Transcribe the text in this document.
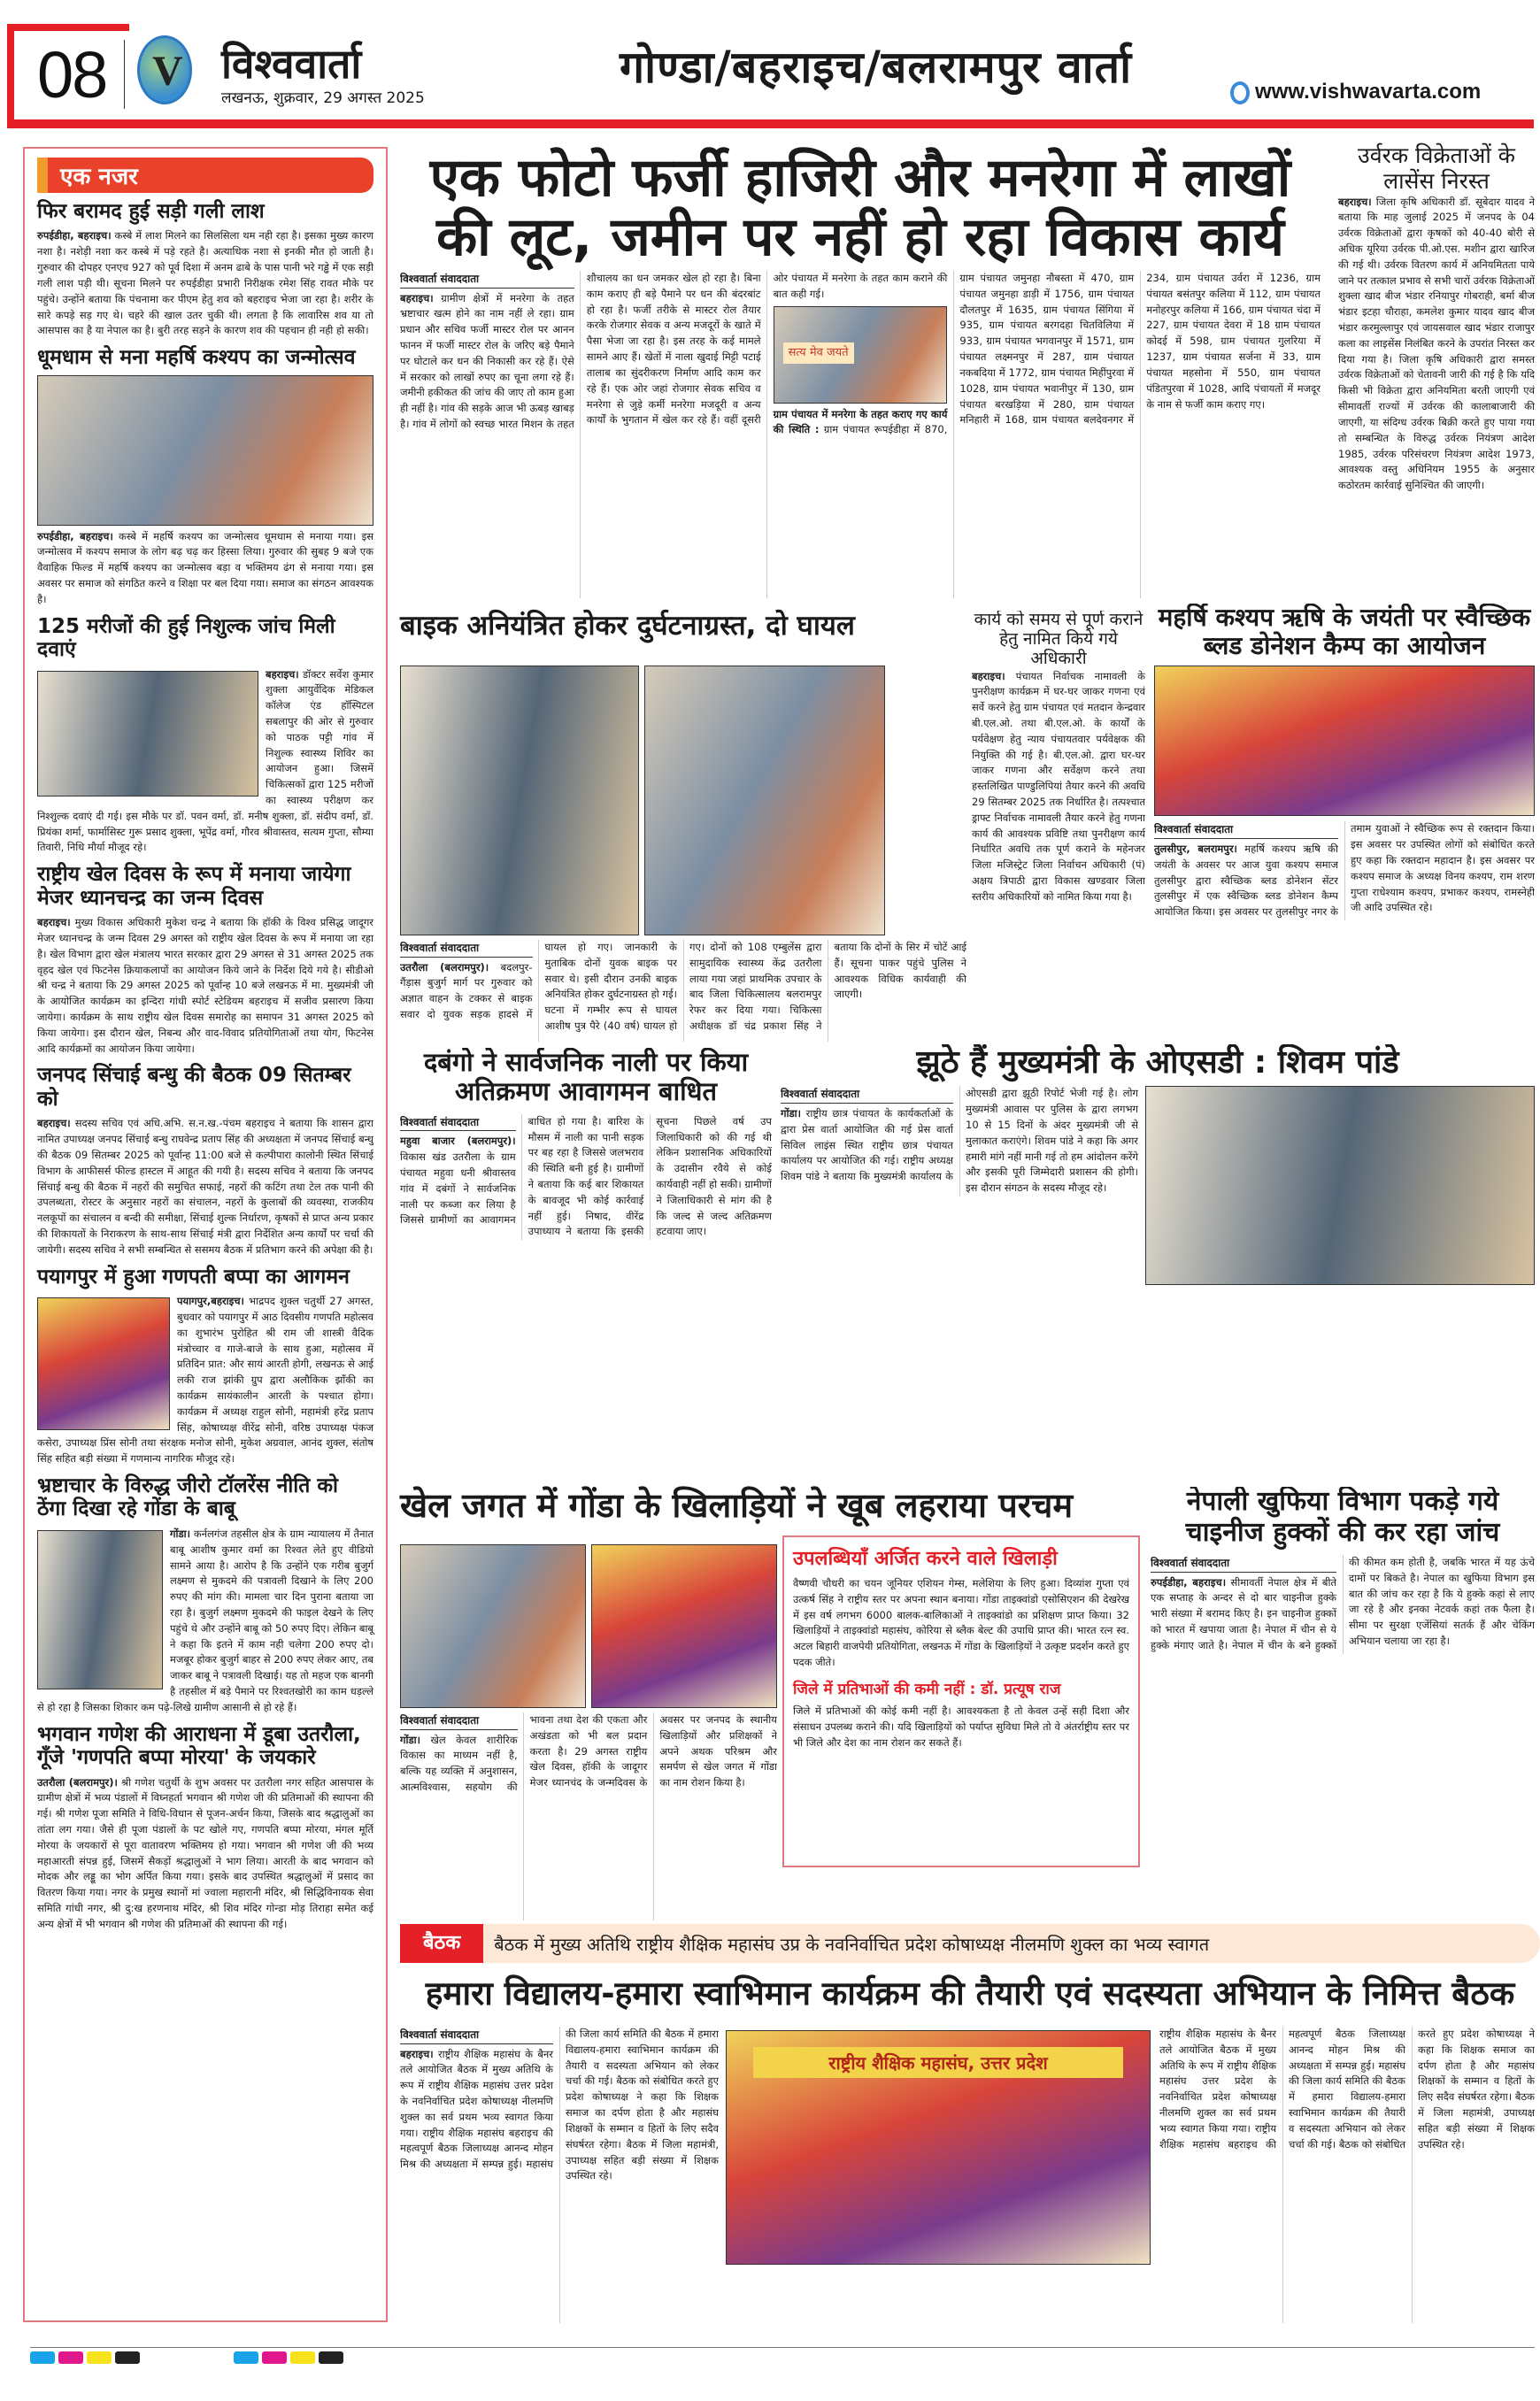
08 V विश्ववार्ता
लखनऊ, शुक्रवार, 29 अगस्त 2025
गोण्डा/बहराइच/बलरामपुर वार्ता	www.vishwavarta.com
एक नजर
फिर बरामद हुई सड़ी गली लाश

रुपईडीहा, बहराइच। कस्बे में लाश मिलने का सिलसिला थम नही रहा है। इसका मुख्य कारण नशा है। नशेड़ी नशा कर कस्बे में पड़े रहते है। अत्याधिक नशा से इनकी मौत हो जाती है। गुरुवार की दोपहर एनएच 927 को पूर्व दिशा में अनम ढाबे के पास पानी भरे गड्ढे में एक सड़ी गली लाश पड़ी थी। सूचना मिलने पर रुपईडीहा प्रभारी निरीक्षक रमेश सिंह रावत मौके पर पहुंचे। उन्होंने बताया कि पंचनामा कर पीएम हेतु शव को बहराइच भेजा जा रहा है। शरीर के सारे कपड़े सड़ गए थे। चहरे की खाल उतर चुकी थी। लगता है कि लावारिस शव या तो आसपास का है या नेपाल का है। बुरी तरह सड़ने के कारण शव की पहचान ही नही हो सकी।

धूमधाम से मना महर्षि कश्यप का जन्मोत्सव

रुपईडीहा, बहराइच। कस्बे में महर्षि कश्यप का जन्मोत्सव धूमधाम से मनाया गया। इस जन्मोत्सव में कश्यप समाज के लोग बढ़ चढ़ कर हिस्सा लिया। गुरुवार की सुबह 9 बजे एक वैवाहिक फिल्ड में महर्षि कश्यप का जन्मोत्सव बड़ा व भक्तिमय ढंग से मनाया गया। इस अवसर पर समाज को संगठित करने व शिक्षा पर बल दिया गया। समाज का संगठन आवश्यक है।

125 मरीजों की हुई निशुल्क जांच मिली दवाएं

बहराइच। डॉक्टर सर्वेश कुमार शुक्ला आयुर्वेदिक मेडिकल कॉलेज एंड हॉस्पिटल सबलापुर की ओर से गुरुवार को पाठक पट्टी गांव में निशुल्क स्वास्थ्य शिविर का आयोजन हुआ। जिसमें चिकित्सकों द्वारा 125 मरीजों का स्वास्थ्य परीक्षण कर निश्शुल्क दवाएं दी गई। इस मौके पर डॉ. पवन वर्मा, डॉ. मनीष शुक्ला, डॉ. संदीप वर्मा, डॉ. प्रियंका शर्मा, फार्मासिस्ट गुरू प्रसाद शुक्ला, भूपेंद्र वर्मा, गौरव श्रीवास्तव, सत्यम गुप्ता, सौम्या तिवारी, निधि मौर्या मौजूद रहे।

राष्ट्रीय खेल दिवस के रूप में मनाया जायेगा मेजर ध्यानचन्द्र का जन्म दिवस

बहराइच। मुख्य विकास अधिकारी मुकेश चन्द्र ने बताया कि हॉकी के विश्व प्रसिद्ध जादूगर मेजर ध्यानचन्द्र के जन्म दिवस 29 अगस्त को राष्ट्रीय खेल दिवस के रूप में मनाया जा रहा है। खेल विभाग द्वारा खेल मंत्रालय भारत सरकार द्वारा 29 अगस्त से 31 अगस्त 2025 तक वृहद खेल एवं फिटनेस क्रियाकलापों का आयोजन किये जाने के निर्देश दिये गये है। सीडीओ श्री चन्द्र ने बताया कि 29 अगस्त 2025 को पूर्वान्ह 10 बजे लखनऊ में मा. मुख्यमंत्री जी के आयोजित कार्यक्रम का इन्दिरा गांधी स्पोर्ट स्टेडियम बहराइच में सजीव प्रसारण किया जायेगा। कार्यक्रम के साथ राष्ट्रीय खेल दिवस समारोह का समापन 31 अगस्त 2025 को किया जायेगा। इस दौरान खेल, निबन्ध और वाद-विवाद प्रतियोगिताओं तथा योग, फिटनेस आदि कार्यक्रमों का आयोजन किया जायेगा।

जनपद सिंचाई बन्धु की बैठक 09 सितम्बर को

बहराइच। सदस्य सचिव एवं अधि.अभि. स.न.ख.-पंचम बहराइच ने बताया कि शासन द्वारा नामित उपाध्यक्ष जनपद सिंचाई बन्धु राघवेन्द्र प्रताप सिंह की अध्यक्षता में जनपद सिंचाई बन्धु की बैठक 09 सितम्बर 2025 को पूर्वान्ह 11:00 बजे से कल्पीपारा कालोनी स्थित सिंचाई विभाग के आफीसर्स फील्ड हास्टल में आहूत की गयी है। सदस्य सचिव ने बताया कि जनपद सिंचाई बन्धु की बैठक में नहरों की समुचित सफाई, नहरों की कटिंग तथा टेल तक पानी की उपलब्धता, रोस्टर के अनुसार नहरों का संचालन, नहरों के कुलाबों की व्यवस्था, राजकीय नलकूपों का संचालन व बन्दी की समीक्षा, सिंचाई शुल्क निर्धारण, कृषकों से प्राप्त अन्य प्रकार की शिकायतों के निराकरण के साथ-साथ सिंचाई मंत्री द्वारा निर्देशित अन्य कार्यों पर चर्चा की जायेगी। सदस्य सचिव ने सभी सम्बन्धित से ससमय बैठक में प्रतिभाग करने की अपेक्षा की है।

पयागपुर में हुआ गणपती बप्पा का आगमन

पयागपुर,बहराइच। भाद्रपद शुक्ल चतुर्थी 27 अगस्त, बुधवार को पयागपुर में आठ दिवसीय गणपति महोत्सव का शुभारंभ पुरोहित श्री राम जी शास्त्री वैदिक मंत्रोच्चार व गाजे-बाजे के साथ हुआ, महोत्सव में प्रतिदिन प्रात: और सायं आरती होगी, लखनऊ से आई लकी राज झांकी ग्रुप द्वारा अलौकिक झाँकी का कार्यक्रम सायंकालीन आरती के पश्चात होगा। कार्यक्रम में अध्यक्ष राहुल सोनी, महामंत्री हरेंद्र प्रताप सिंह, कोषाध्यक्ष वीरेंद्र सोनी, वरिष्ठ उपाध्यक्ष पंकज कसेरा, उपाध्यक्ष प्रिंस सोनी तथा संरक्षक मनोज सोनी, मुकेश अग्रवाल, आनंद शुक्ल, संतोष सिंह सहित बड़ी संख्या में गणमान्य नागरिक मौजूद रहे।

भ्रष्टाचार के विरुद्ध जीरो टॉलरेंस नीति को ठेंगा दिखा रहे गोंडा के बाबू

गोंडा। कर्नलगंज तहसील क्षेत्र के ग्राम न्यायालय में तैनात बाबू आशीष कुमार वर्मा का रिश्वत लेते हुए वीडियो सामने आया है। आरोप है कि उन्होंने एक गरीब बुजुर्ग लक्ष्मण से मुकदमे की पत्रावली दिखाने के लिए 200 रुपए की मांग की। मामला चार दिन पुराना बताया जा रहा है। बुजुर्ग लक्ष्मण मुकदमे की फाइल देखने के लिए पहुंचे थे और उन्होंने बाबू को 50 रुपए दिए। लेकिन बाबू ने कहा कि इतने में काम नही चलेगा 200 रुपए दो। मजबूर होकर बुजुर्ग बाहर से 200 रुपए लेकर आए, तब जाकर बाबू ने पत्रावली दिखाई। यह तो महज एक बानगी है तहसील में बड़े पैमाने पर रिश्वतखोरी का काम धड़ल्ले से हो रहा है जिसका शिकार कम पढ़े-लिखे ग्रामीण आसानी से हो रहे हैं।

भगवान गणेश की आराधना में डूबा उतरौला, गूँजे 'गणपति बप्पा मोरया' के जयकारे

उतरौला (बलरामपुर)। श्री गणेश चतुर्थी के शुभ अवसर पर उतरौला नगर सहित आसपास के ग्रामीण क्षेत्रों में भव्य पंडालों में विघ्नहर्ता भगवान श्री गणेश जी की प्रतिमाओं की स्थापना की गई। श्री गणेश पूजा समिति ने विधि-विधान से पूजन-अर्चन किया, जिसके बाद श्रद्धालुओं का तांता लग गया। जैसे ही पूजा पंडालों के पट खोले गए, गणपति बप्पा मोरया, मंगल मूर्ति मोरया के जयकारों से पूरा वातावरण भक्तिमय हो गया। भगवान श्री गणेश जी की भव्य महाआरती संपन्न हुई, जिसमें सैकड़ों श्रद्धालुओं ने भाग लिया। आरती के बाद भगवान को मोदक और लड्डू का भोग अर्पित किया गया। इसके बाद उपस्थित श्रद्धालुओं में प्रसाद का वितरण किया गया। नगर के प्रमुख स्थानों मां ज्वाला महारानी मंदिर, श्री सिद्धिविनायक सेवा समिति गांधी नगर, श्री दु:ख हरणनाथ मंदिर, श्री शिव मंदिर गोन्डा मोड़ तिराहा समेत कई अन्य क्षेत्रों में भी भगवान श्री गणेश की प्रतिमाओं की स्थापना की गई।

एक फोटो फर्जी हाजिरी और मनरेगा में लाखों की लूट, जमीन पर नहीं हो रहा विकास कार्य
विश्ववार्ता संवाददाता
बहराइच। ग्रामीण क्षेत्रों में मनरेगा के तहत भ्रष्टाचार खत्म होने का नाम नहीं ले रहा। ग्राम प्रधान और सचिव फर्जी मास्टर रोल पर आनन फानन में फर्जी मास्टर रोल के जरिए बड़े पैमाने पर घोटाले कर धन की निकासी कर रहे हैं। ऐसे में सरकार को लाखों रुपए का चूना लगा रहे हैं। जमीनी हकीकत की जांच की जाए तो काम हुआ ही नहीं है। गांव की सड़के आज भी ऊबड़ खाबड़ है। गांव में लोगों को स्वच्छ भारत मिशन के तहत शौचालय का धन जमकर खेल हो रहा है। बिना काम कराए ही बड़े पैमाने पर धन की बंदरबांट हो रहा है। फर्जी तरीके से मास्टर रोल तैयार करके रोजगार सेवक व अन्य मजदूरों के खाते में पैसा भेजा जा रहा है। इस तरह के कई मामले सामने आए हैं। खेतों में नाला खुदाई मिट्टी पटाई तालाब का सुंदरीकरण निर्माण आदि काम कर रहे हैं। एक ओर जहां रोजगार सेवक सचिव व मनरेगा से जुड़े कर्मी मनरेगा मजदूरी व अन्य कार्यों के भुगतान में खेल कर रहे हैं। वहीं दूसरी ओर पंचायत में मनरेगा के तहत काम कराने की बात कही गई।
सत्य मेव जयते
ग्राम पंचायत में मनरेगा के तहत कराए गए कार्य की स्थिति : ग्राम पंचायत रूपईडीहा में 870, ग्राम पंचायत जमुनहा नौबस्ता में 470, ग्राम पंचायत जमुनहा डाड़ी में 1756, ग्राम पंचायत दौलतपुर में 1635, ग्राम पंचायत सिंगिया में 935, ग्राम पंचायत बरगदहा चितविलिया में 933, ग्राम पंचायत भगवानपुर में 1571, ग्राम पंचायत लक्ष्मनपुर में 287, ग्राम पंचायत नकबदिया में 1772, ग्राम पंचायत मिहींपुरवा में 1028, ग्राम पंचायत भवानीपुर में 130, ग्राम पंचायत बरखड़िया में 280, ग्राम पंचायत मनिहारी में 168, ग्राम पंचायत बलदेवनगर में 234, ग्राम पंचायत उर्वरा में 1236, ग्राम पंचायत बसंतपुर कलिया में 112, ग्राम पंचायत मनोहरपुर कलिया में 166, ग्राम पंचायत चंदा में 227, ग्राम पंचायत देवरा में 18 ग्राम पंचायत कोदई में 598, ग्राम पंचायत गुलरिया में 1237, ग्राम पंचायत सर्जना में 33, ग्राम पंचायत महसोना में 550, ग्राम पंचायत पंडितपुरवा में 1028, आदि पंचायतों में मजदूर के नाम से फर्जी काम कराए गए।
उर्वरक विक्रेताओं के लासेंस निरस्त

बहराइच। जिला कृषि अधिकारी डॉ. सूबेदार यादव ने बताया कि माह जुलाई 2025 में जनपद के 04 उर्वरक विक्रेताओं द्वारा कृषकों को 40-40 बोरी से अधिक यूरिया उर्वरक पी.ओ.एस. मशीन द्वारा खारिज की गई थी। उर्वरक वितरण कार्य में अनियमितता पाये जाने पर तत्काल प्रभाव से सभी चारों उर्वरक विक्रेताओं शुक्ला खाद बीज भंडार रनियापुर गोबराही, बर्मा बीज भंडार इटहा चौराहा, कमलेश कुमार यादव खाद बीज भंडार करमुल्लापुर एवं जायसवाल खाद भंडार राजापुर कला का लाइसेंस निलंबित करने के उपरांत निरस्त कर दिया गया है। जिला कृषि अधिकारी द्वारा समस्त उर्वरक विक्रेताओं को चेतावनी जारी की गई है कि यदि किसी भी विक्रेता द्वारा अनियमिता बरती जाएगी एवं सीमावर्ती राज्यों में उर्वरक की कालाबाजारी की जाएगी, या संदिग्ध उर्वरक बिक्री करते हुए पाया गया तो सम्बन्धित के विरुद्ध उर्वरक नियंत्रण आदेश 1985, उर्वरक परिसंचरण नियंत्रण आदेश 1973, आवश्यक वस्तु अधिनियम 1955 के अनुसार कठोरतम कार्रवाई सुनिश्चित की जाएगी।

बाइक अनियंत्रित होकर दुर्घटनाग्रस्त, दो घायल
विश्ववार्ता संवाददाता
उतरौला (बलरामपुर)। बदलपुर-गैंड़ास बुजुर्ग मार्ग पर गुरुवार को अज्ञात वाहन के टक्कर से बाइक सवार दो युवक सड़क हादसे में घायल हो गए। जानकारी के मुताबिक दोनों युवक बाइक पर सवार थे। इसी दौरान उनकी बाइक अनियंत्रित होकर दुर्घटनाग्रस्त हो गई। घटना में गम्भीर रूप से घायल आशीष पुत्र पैरे (40 वर्ष) घायल हो गए। दोनों को 108 एम्बुलेंस द्वारा सामुदायिक स्वास्थ्य केंद्र उतरौला लाया गया जहां प्राथमिक उपचार के बाद जिला चिकित्सालय बलरामपुर रेफर कर दिया गया। चिकित्सा अधीक्षक डॉ चंद्र प्रकाश सिंह ने बताया कि दोनों के सिर में चोटें आई हैं। सूचना पाकर पहुंचे पुलिस ने आवश्यक विधिक कार्यवाही की जाएगी।
कार्य को समय से पूर्ण कराने हेतु नामित किये गये अधिकारी

बहराइच। पंचायत निर्वाचक नामावली के पुनरीक्षण कार्यक्रम में घर-घर जाकर गणना एवं सर्वे करने हेतु ग्राम पंचायत एवं मतदान केन्द्रवार बी.एल.ओ. तथा बी.एल.ओ. के कार्यों के पर्यवेक्षण हेतु न्याय पंचायतवार पर्यवेक्षक की नियुक्ति की गई है। बी.एल.ओ. द्वारा घर-घर जाकर गणना और सर्वेक्षण करने तथा हस्तलिखित पाण्डुलिपियां तैयार करने की अवधि 29 सितम्बर 2025 तक निर्धारित है। तत्पश्चात ड्राफ्ट निर्वाचक नामावली तैयार करने हेतु गणना कार्य की आवश्यक प्रविष्टि तथा पुनरीक्षण कार्य निर्धारित अवधि तक पूर्ण कराने के महेनजर जिला मजिस्ट्रेट जिला निर्वाचन अधिकारी (पं) अक्षय त्रिपाठी द्वारा विकास खण्डवार जिला स्तरीय अधिकारियों को नामित किया गया है।

महर्षि कश्यप ऋषि के जयंती पर स्वैच्छिक ब्लड डोनेशन कैम्प का आयोजन
विश्ववार्ता संवाददाता
तुलसीपुर, बलरामपुर। महर्षि कश्यप ऋषि की जयंती के अवसर पर आज युवा कश्यप समाज तुलसीपुर द्वारा स्वैच्छिक ब्लड डोनेशन सेंटर तुलसीपुर में एक स्वैच्छिक ब्लड डोनेशन कैम्प आयोजित किया। इस अवसर पर तुलसीपुर नगर के तमाम युवाओं ने स्वैच्छिक रूप से रक्तदान किया। इस अवसर पर उपस्थित लोगों को संबोधित करते हुए कहा कि रक्तदान महादान है। इस अवसर पर कश्यप समाज के अध्यक्ष विनय कश्यप, राम शरण गुप्ता राधेश्याम कश्यप, प्रभाकर कश्यप, रामस्नेही जी आदि उपस्थित रहे।
दबंगो ने सार्वजनिक नाली पर किया अतिक्रमण आवागमन बाधित
विश्ववार्ता संवाददाता
महुवा बाजार (बलरामपुर)। विकास खंड उतरौला के ग्राम पंचायत महुवा धनी श्रीवास्तव गांव में दबंगों ने सार्वजनिक नाली पर कब्जा कर लिया है जिससे ग्रामीणों का आवागमन बाधित हो गया है। बारिश के मौसम में नाली का पानी सड़क पर बह रहा है जिससे जलभराव की स्थिति बनी हुई है। ग्रामीणों ने बताया कि कई बार शिकायत के बावजूद भी कोई कार्रवाई नहीं हुई। निषाद, वीरेंद्र उपाध्याय ने बताया कि इसकी सूचना पिछले वर्ष उप जिलाधिकारी को की गई थी लेकिन प्रशासनिक अधिकारियों के उदासीन रवैये से कोई कार्यवाही नहीं हो सकी। ग्रामीणों ने जिलाधिकारी से मांग की है कि जल्द से जल्द अतिक्रमण हटवाया जाए।
झूठे हैं मुख्यमंत्री के ओएसडी : शिवम पांडे
विश्ववार्ता संवाददाता
गोंडा। राष्ट्रीय छात्र पंचायत के कार्यकर्ताओं के द्वारा प्रेस वार्ता आयोजित की गई प्रेस वार्ता सिविल लाइंस स्थित राष्ट्रीय छात्र पंचायत कार्यालय पर आयोजित की गई। राष्ट्रीय अध्यक्ष शिवम पांडे ने बताया कि मुख्यमंत्री कार्यालय के ओएसडी द्वारा झूठी रिपोर्ट भेजी गई है। लोग मुख्यमंत्री आवास पर पुलिस के द्वारा लगभग 10 से 15 दिनों के अंदर मुख्यमंत्री जी से मुलाकात कराएंगे। शिवम पांडे ने कहा कि अगर हमारी मांगे नहीं मानी गई तो हम आंदोलन करेंगे और इसकी पूरी जिम्मेदारी प्रशासन की होगी। इस दौरान संगठन के सदस्य मौजूद रहे।
खेल जगत में गोंडा के खिलाड़ियों ने खूब लहराया परचम
विश्ववार्ता संवाददाता
गोंडा। खेल केवल शारीरिक विकास का माध्यम नहीं है, बल्कि यह व्यक्ति में अनुशासन, आत्मविश्वास, सहयोग की भावना तथा देश की एकता और अखंडता को भी बल प्रदान करता है। 29 अगस्त राष्ट्रीय खेल दिवस, हॉकी के जादूगर मेजर ध्यानचंद के जन्मदिवस के अवसर पर जनपद के स्थानीय खिलाड़ियों और प्रशिक्षकों ने अपने अथक परिश्रम और समर्पण से खेल जगत में गोंडा का नाम रोशन किया है।
उपलब्धियाँ अर्जित करने वाले खिलाड़ी

वैष्णवी चौधरी का चयन जूनियर एशियन गेम्स, मलेशिया के लिए हुआ। दिव्यांश गुप्ता एवं उत्कर्ष सिंह ने राष्ट्रीय स्तर पर अपना स्थान बनाया। गोंडा ताइक्वांडो एसोसिएशन की देखरेख में इस वर्ष लगभग 6000 बालक-बालिकाओं ने ताइक्वांडो का प्रशिक्षण प्राप्त किया। 32 खिलाड़ियों ने ताइक्वांडो महासंघ, कोरिया से ब्लैक बेल्ट की उपाधि प्राप्त की। भारत रत्न स्व. अटल बिहारी वाजपेयी प्रतियोगिता, लखनऊ में गोंडा के खिलाड़ियों ने उत्कृष्ट प्रदर्शन करते हुए पदक जीते।

जिले में प्रतिभाओं की कमी नहीं : डॉ. प्रत्यूष राज

जिले में प्रतिभाओं की कोई कमी नहीं है। आवश्यकता है तो केवल उन्हें सही दिशा और संसाधन उपलब्ध कराने की। यदि खिलाड़ियों को पर्याप्त सुविधा मिले तो वे अंतर्राष्ट्रीय स्तर पर भी जिले और देश का नाम रोशन कर सकते हैं।

नेपाली खुफिया विभाग पकड़े गये चाइनीज हुक्कों की कर रहा जांच
विश्ववार्ता संवाददाता
रुपईडीहा, बहराइच। सीमावर्ती नेपाल क्षेत्र में बीते एक सप्ताह के अन्दर से दो बार चाइनीज हुक्के भारी संख्या में बरामद किए है। इन चाइनीज हुक्कों को भारत में खपाया जाता है। नेपाल में चीन से ये हुक्के मंगाए जाते है। नेपाल में चीन के बने हुक्कों की कीमत कम होती है, जबकि भारत में यह ऊंचे दामों पर बिकते है। नेपाल का खुफिया विभाग इस बात की जांच कर रहा है कि ये हुक्के कहां से लाए जा रहे है और इनका नेटवर्क कहां तक फैला है। सीमा पर सुरक्षा एजेंसियां सतर्क हैं और चेकिंग अभियान चलाया जा रहा है।
बैठक	बैठक में मुख्य अतिथि राष्ट्रीय शैक्षिक महासंघ उप्र के नवनिर्वाचित प्रदेश कोषाध्यक्ष नीलमणि शुक्ल का भव्य स्वागत
हमारा विद्यालय-हमारा स्वाभिमान कार्यक्रम की तैयारी एवं सदस्यता अभियान के निमित्त बैठक
विश्ववार्ता संवाददाता
बहराइच। राष्ट्रीय शैक्षिक महासंघ के बैनर तले आयोजित बैठक में मुख्य अतिथि के रूप में राष्ट्रीय शैक्षिक महासंघ उत्तर प्रदेश के नवनिर्वाचित प्रदेश कोषाध्यक्ष नीलमणि शुक्ल का सर्व प्रथम भव्य स्वागत किया गया। राष्ट्रीय शैक्षिक महासंघ बहराइच की महत्वपूर्ण बैठक जिलाध्यक्ष आनन्द मोहन मिश्र की अध्यक्षता में सम्पन्न हुई। महासंघ की जिला कार्य समिति की बैठक में हमारा विद्यालय-हमारा स्वाभिमान कार्यक्रम की तैयारी व सदस्यता अभियान को लेकर चर्चा की गई। बैठक को संबोधित करते हुए प्रदेश कोषाध्यक्ष ने कहा कि शिक्षक समाज का दर्पण होता है और महासंघ शिक्षकों के सम्मान व हितों के लिए सदैव संघर्षरत रहेगा। बैठक में जिला महामंत्री, उपाध्यक्ष सहित बड़ी संख्या में शिक्षक उपस्थित रहे।
राष्ट्रीय शैक्षिक महासंघ, उत्तर प्रदेश
राष्ट्रीय शैक्षिक महासंघ के बैनर तले आयोजित बैठक में मुख्य अतिथि के रूप में राष्ट्रीय शैक्षिक महासंघ उत्तर प्रदेश के नवनिर्वाचित प्रदेश कोषाध्यक्ष नीलमणि शुक्ल का सर्व प्रथम भव्य स्वागत किया गया। राष्ट्रीय शैक्षिक महासंघ बहराइच की महत्वपूर्ण बैठक जिलाध्यक्ष आनन्द मोहन मिश्र की अध्यक्षता में सम्पन्न हुई। महासंघ की जिला कार्य समिति की बैठक में हमारा विद्यालय-हमारा स्वाभिमान कार्यक्रम की तैयारी व सदस्यता अभियान को लेकर चर्चा की गई। बैठक को संबोधित करते हुए प्रदेश कोषाध्यक्ष ने कहा कि शिक्षक समाज का दर्पण होता है और महासंघ शिक्षकों के सम्मान व हितों के लिए सदैव संघर्षरत रहेगा। बैठक में जिला महामंत्री, उपाध्यक्ष सहित बड़ी संख्या में शिक्षक उपस्थित रहे।
